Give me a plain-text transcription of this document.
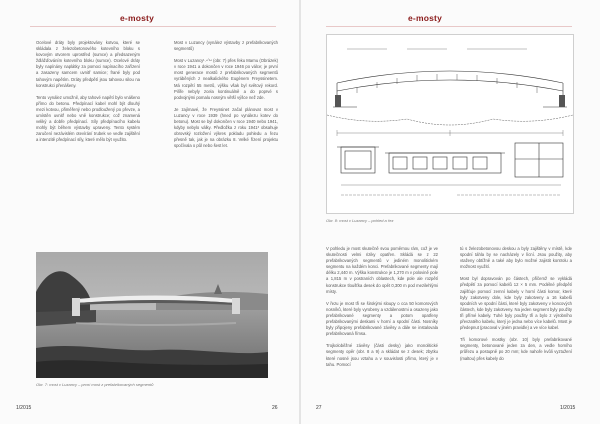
e-mosty

Ocelové dráty byly projektovány kotvou, které se skládala z železobetonového kotevního bloku s kovovým otvorem uprostřed (sumce) a předsazeným ždlážďováním kotevního bloku (sumce). Ocelové dráty byly napínány naplátky za pomoci napínacího zařízení a zasazeny samcem uvnitř samice; frané byly pod tahovým napětím. Dráty předpětí jsou tahovou silou na konstrukci přenášeny.

Tento vynález umožnil, aby tahové napětí bylo vnášeno přímo do betonu. Předpínací kabel mohl být dlouhý mezi kotvou, přiměřený nebo prodloužený po převze, a umístěn uvnitř nebo vně konstrukce; což znamená veliký a dobře předpínací. Síly předpínacího kabelu mohly být během výstavby upraveny. Tento systém zaručení nezávislém otevírání trubek ve vedle zajištění a intenzitě předpínací síly, které mělo být využito.

Most v Luzancy (vynález výstavby z prefabrikovaných segmentů)

Most v Luzancy¹˒⁴ʼ¹⁴ (obr. 7) přes řeku Marnu (Obrázek) v roce 1941 a dokončen v roce 1946 po válce; je první most generace mostů z prefabrikovaných segmentů vyráběných z nealkalického Eugènem Freyssinetem. Má rozpětí 55 metrů, výšku však byl světový rekord. Pilíře nebyly zcela kontinuálně a do poprvé s podvojnými pomalu nosným větší výšce než zde.

Je zajímavé, že Freyssinet začal plánovat most v Luzancy v roce 1939 (hned po vynálezu kotev do betonu). Most se byl dokončen v roce 1940 nebo 1941, kdyby nebylo války. Předložka z roku 1941³ obsahuje obrovský rozložení výkres pokladu pohledu a řezu přesně tak, jak je na obrázku 8. Velké řízení projektu spočívala o půl nebo šest let.

Obr. 7: most v Luzancy – první most z prefabrikovaných segmentů
1/2015	26
e-mosty
Obr. 8: most v Luzancy – pohled a řez

V pohledu je most skutečně svou poměrnou rám, což je ve skutečnosti velmi riziky opatřen. Skládá se z 22 prefabrikovaných segmentů v jediném monolitickém segmentu na každém konci. Prefabrikované segmenty mají délku 2,440 m. Výška konstrukce je 1,270 m v polovině pole a 1,815 m v postraních oblastech, kde pole ale rozpětí konstrukce tloušťka desek do opět 0,300 m pod mezilehlými místy.

V řezu je most tři se širokými sloupy o cca 50 komorových nosníků, které byly vyrobeny a vzdálenostmi a osazeny jako prefabrikované segmenty a potom opatřeny prefabrikovanými deskami v horní a spodní části. Nosníky byly připojeny prefabrikované závěsy a dále se instalovala prefabrikovaná římsa.

Trojkoloběžné závěsy (části desky) jako monolitické segmenty opěr (obr. 8 a 9) a skládat se z desek; zbytku které nosné jsou vztahu a v souvislosti přímo, který je v tahu. Pomocí

tú s železobetonovou deskou a byly zajištěny v místě, kde spodní táhla by se nacházely v lícní. Jsou použity, aby vtaženy obtížně a také aby bylo možné zajistit kontrolu a možnost využití.

Most byl dopravován po částech, přičemž se vykládá předpětí za pomocí kabelů 12 × 5 mm. Podélné předpětí zajišťuje pomocí zemní kabely v horní části komor, které byly zakotveny dole, kde byly zakotveny a 16 kabelů spodních ve spodní části, které byly zakotveny v koncových částech, kde byly zakotveny. Na jeden segment byly použity tři přímé kabely. Tuhé byly použity tři a bylo z výrobního převzatého kabelu, který je jedna nebo více kabelů. Most je předepnut (pracoval v jiném pravidle) a ve více kabel.

Tři komorové mostky (obr. 10) byly prefabrikované segmenty, betonované jeden za den, a vedle horního průřezu a postupně po 20 mm; kde nahoře kvůli vyztužení (maltou) přes kabely do

27	1/2015
